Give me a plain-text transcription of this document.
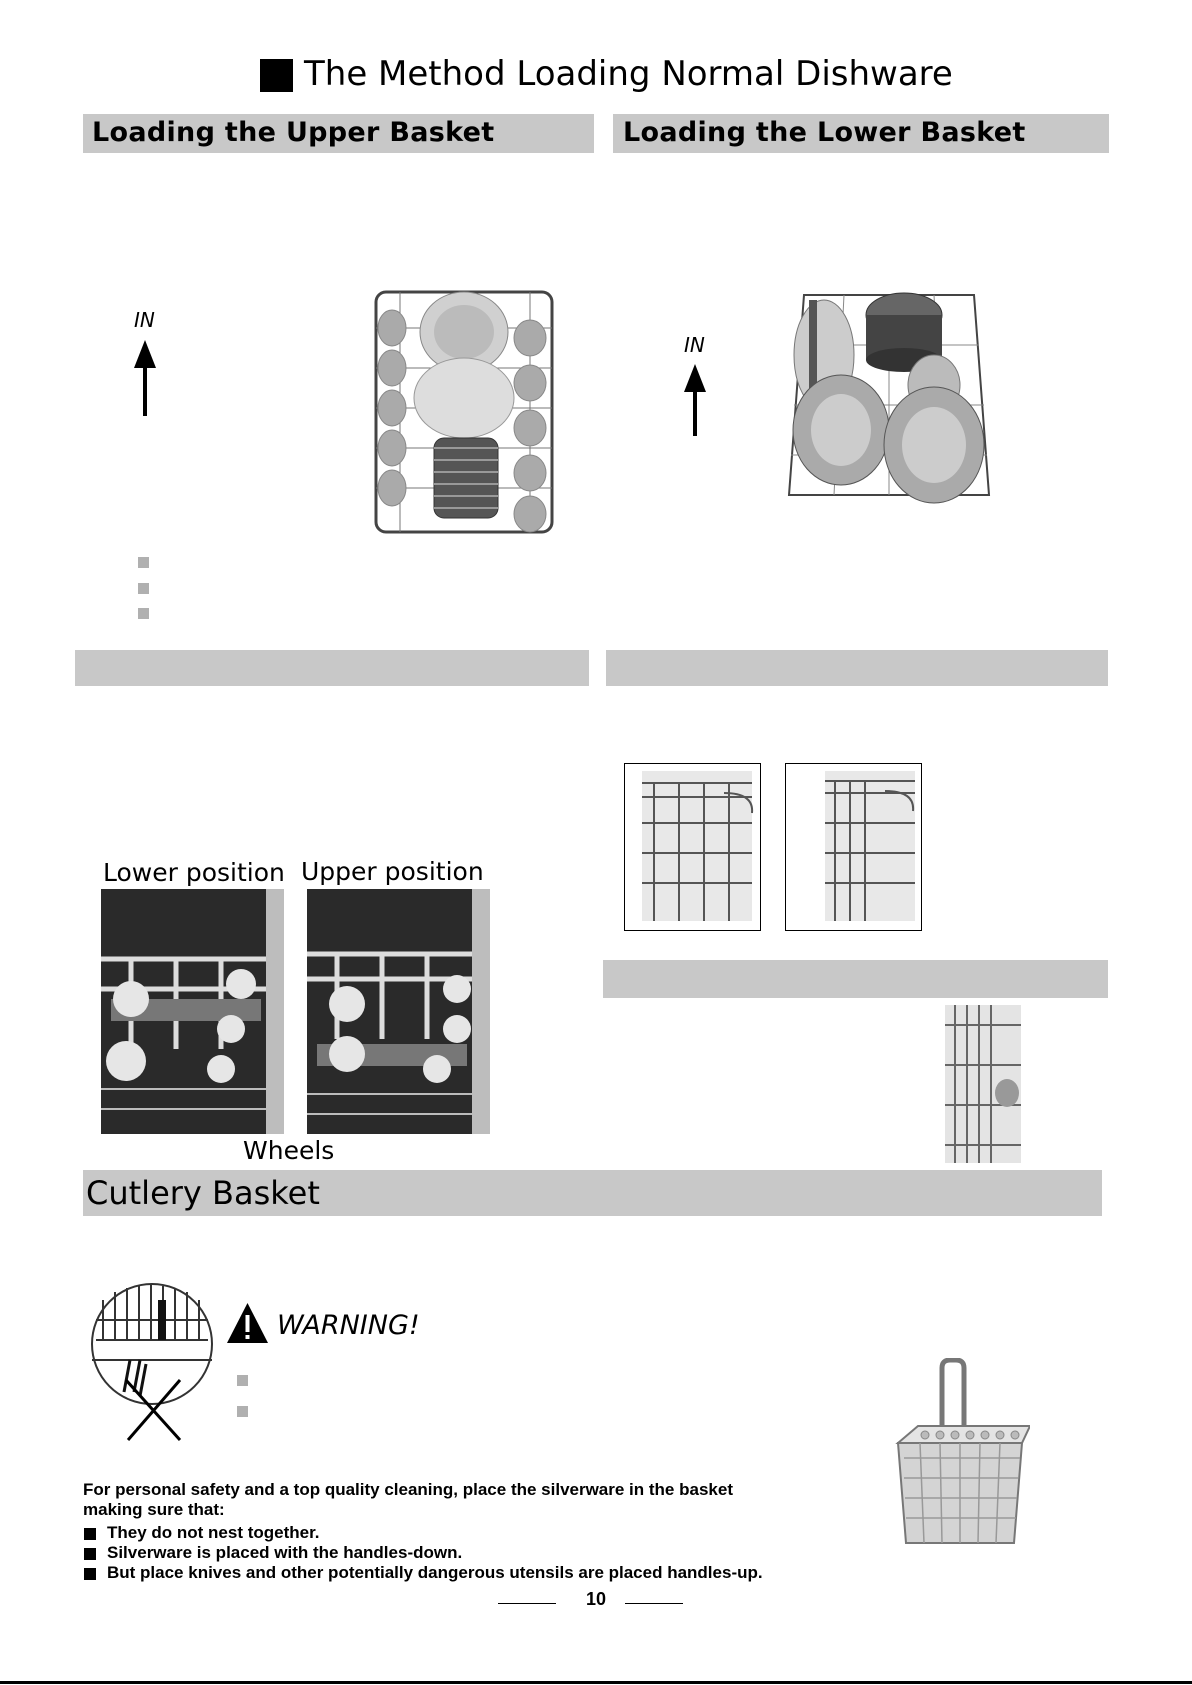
The Method Loading Normal Dishware
Loading the Upper Basket	Loading the Lower Basket
IN
IN
Lower position Upper position
Wheels
Cutlery Basket
WARNING!
For personal safety and a top quality cleaning, place the silverware in the basket
making sure that:
They do not nest together.
Silverware is placed with the handles-down.
But place knives and other potentially dangerous utensils are placed handles-up.
10
